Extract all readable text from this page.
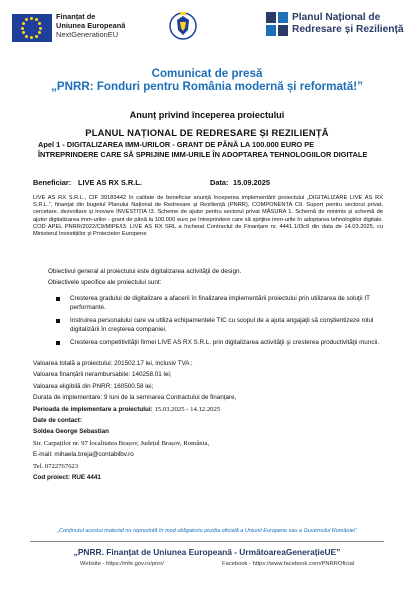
Finanțat de
Uniunea Europeană
NextGenerationEU
Planul Național de
Redresare și Reziliență
Comunicat de presă
„PNRR: Fonduri pentru România modernă și reformată!”
Anunț privind începerea proiectului
PLANUL NAȚIONAL DE REDRESARE ȘI REZILIENȚĂ
Apel 1 - DIGITALIZAREA IMM-URILOR - GRANT DE PÂNĂ LA 100.000 EURO PE
ÎNTREPRINDERE CARE SĂ SPRIJINE IMM-URILE ÎN ADOPTAREA TEHNOLOGIILOR DIGITALE
Beneficiar: LIVE AS RX S.R.L.	Data: 15.09.2025
LIVE AS RX S.R.L., CIF 39183442 în calitate de beneficiar anunță începerea implementării proiectului „DIGITALIZARE LIVE AS RX S.R.L.”, finanțat din bugetul Planului Național de Redresare și Reziliență (PNRR), COMPONENTA C9. Suport pentru sectorul privat, cercetare, dezvoltare și inovare INVESTIȚIA I3. Scheme de ajutor pentru sectorul privat MĂSURA 1. Schemă de minimis și schemă de ajutor digitalizarea imm-urilor - grant de până la 100.000 euro pe întreprindere care să sprijine imm-urile în adoptarea tehnologiilor digitale. COD APEL PNRR/2022/C9/MIPE/I3. LIVE AS RX SRL a încheiat Contractul de Finanțare nr. 4441.1/I3c9 din data de 14.03.2025, cu Ministerul Investițiilor și Proiectelor Europene
Obiectivul general al proiectului este digitalizarea activităţii de design.
Obiectivele specifice ale proiectului sunt:
Cresterea gradului de digitalizare a afacerii în finalizarea implementării proiectului prin utilizarea de soluţii IT performante.
Instruirea personalului care va utiliza echipamentele TIC cu scopul de a ajuta angajaţii să conştientizeze rolul digitalizării în creşterea companiei.
Cresterea competitivităţii firmei LIVE AS RX S.R.L. prin digitalizarea activităţii şi cresterea productivităţii muncii.
Valoarea totală a proiectului: 201502.17 lei, inclusiv TVA ;
Valoarea finanțării nerambursabile: 140258.01 lei;
Valoarea eligibilă din PNRR: 160500.58 lei;
Durata de implementare: 9 luni de la semnarea Contractului de finanțare,
Perioada de implementare a proiectului: 15.03.2025 - 14.12.2025
Date de contact:
Soldea George Sebastian
Str. Carpaților nr. 97 localitatea Brașov, Județul Brașov, România,
E-mail: mihaela.breja@contabilbv.ro
Tel. 0722767623
Cod proiect: RUE 4441
„Conținutul acestui material nu reprezintă în mod obligatoriu poziția oficială a Uniunii Europene sau a Guvernului României”
„PNRR. Finanțat de Uniunea Europeană - UrmătoareaGenerațieUE”
Website - https://mfe.gov.ro/pnrr/	Facebook - https://www.facebook.com/PNRROficial
